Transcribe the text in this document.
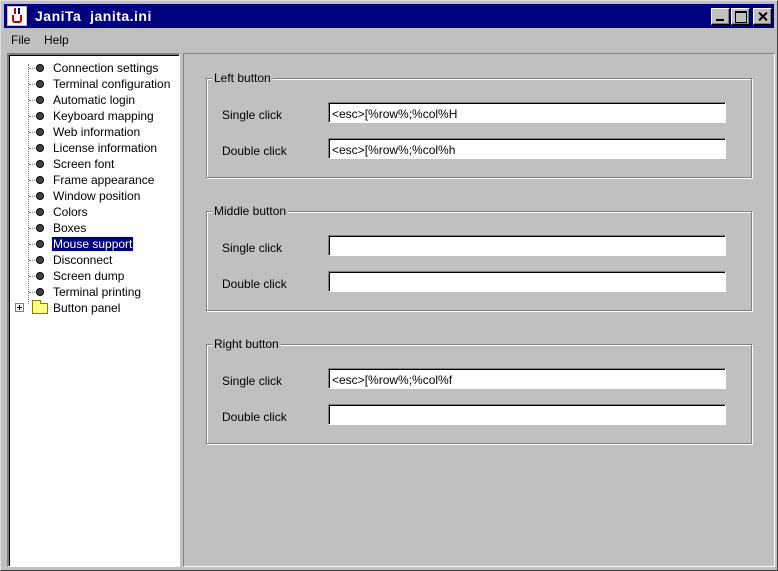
JaniTa  janita.ini
File Help
Connection settings
Terminal configuration
Automatic login
Keyboard mapping
Web information
License information
Screen font
Frame appearance
Window position
Colors
Boxes
Mouse support
Disconnect
Screen dump
Terminal printing
Button panel
Left button
Single click
<esc>[%row%;%col%H
Double click
<esc>[%row%;%col%h
Middle button
Single click
Double click
Right button
Single click
<esc>[%row%;%col%f
Double click
